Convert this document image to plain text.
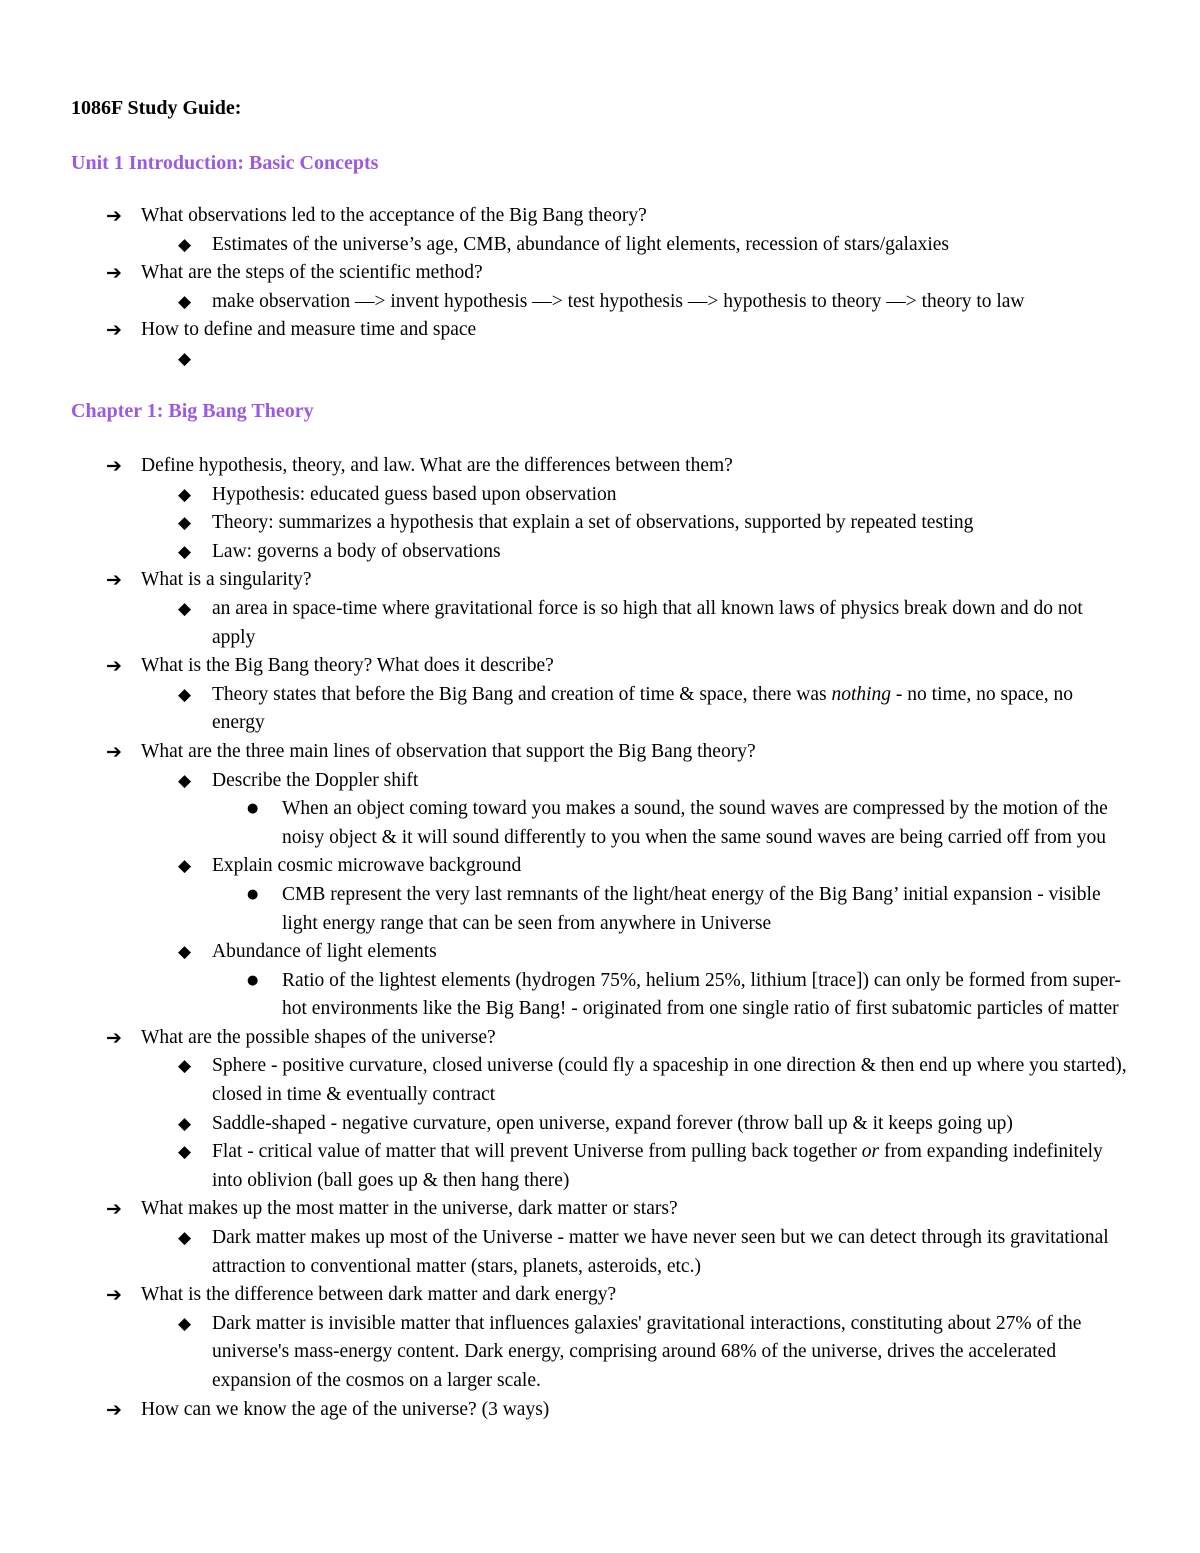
1086F Study Guide:
Unit 1 Introduction: Basic Concepts
➔ What observations led to the acceptance of the Big Bang theory?
◆ Estimates of the universe’s age, CMB, abundance of light elements, recession of stars/galaxies
➔ What are the steps of the scientific method?
◆ make observation —> invent hypothesis —> test hypothesis —> hypothesis to theory —> theory to law
➔ How to define and measure time and space
◆
Chapter 1: Big Bang Theory
➔ Define hypothesis, theory, and law. What are the differences between them?
◆ Hypothesis: educated guess based upon observation
◆ Theory: summarizes a hypothesis that explain a set of observations, supported by repeated testing
◆ Law: governs a body of observations
➔ What is a singularity?
◆ an area in space-time where gravitational force is so high that all known laws of physics break down and do not apply
➔ What is the Big Bang theory? What does it describe?
◆ Theory states that before the Big Bang and creation of time & space, there was nothing - no time, no space, no energy
➔ What are the three main lines of observation that support the Big Bang theory?
◆ Describe the Doppler shift
● When an object coming toward you makes a sound, the sound waves are compressed by the motion of the noisy object & it will sound differently to you when the same sound waves are being carried off from you
◆ Explain cosmic microwave background
● CMB represent the very last remnants of the light/heat energy of the Big Bang’ initial expansion - visible light energy range that can be seen from anywhere in Universe
◆ Abundance of light elements
● Ratio of the lightest elements (hydrogen 75%, helium 25%, lithium [trace]) can only be formed from super-hot environments like the Big Bang! - originated from one single ratio of first subatomic particles of matter
➔ What are the possible shapes of the universe?
◆ Sphere - positive curvature, closed universe (could fly a spaceship in one direction & then end up where you started), closed in time & eventually contract
◆ Saddle-shaped - negative curvature, open universe, expand forever (throw ball up & it keeps going up)
◆ Flat - critical value of matter that will prevent Universe from pulling back together or from expanding indefinitely into oblivion (ball goes up & then hang there)
➔ What makes up the most matter in the universe, dark matter or stars?
◆ Dark matter makes up most of the Universe - matter we have never seen but we can detect through its gravitational attraction to conventional matter (stars, planets, asteroids, etc.)
➔ What is the difference between dark matter and dark energy?
◆ Dark matter is invisible matter that influences galaxies' gravitational interactions, constituting about 27% of the universe's mass-energy content. Dark energy, comprising around 68% of the universe, drives the accelerated expansion of the cosmos on a larger scale.
➔ How can we know the age of the universe? (3 ways)
